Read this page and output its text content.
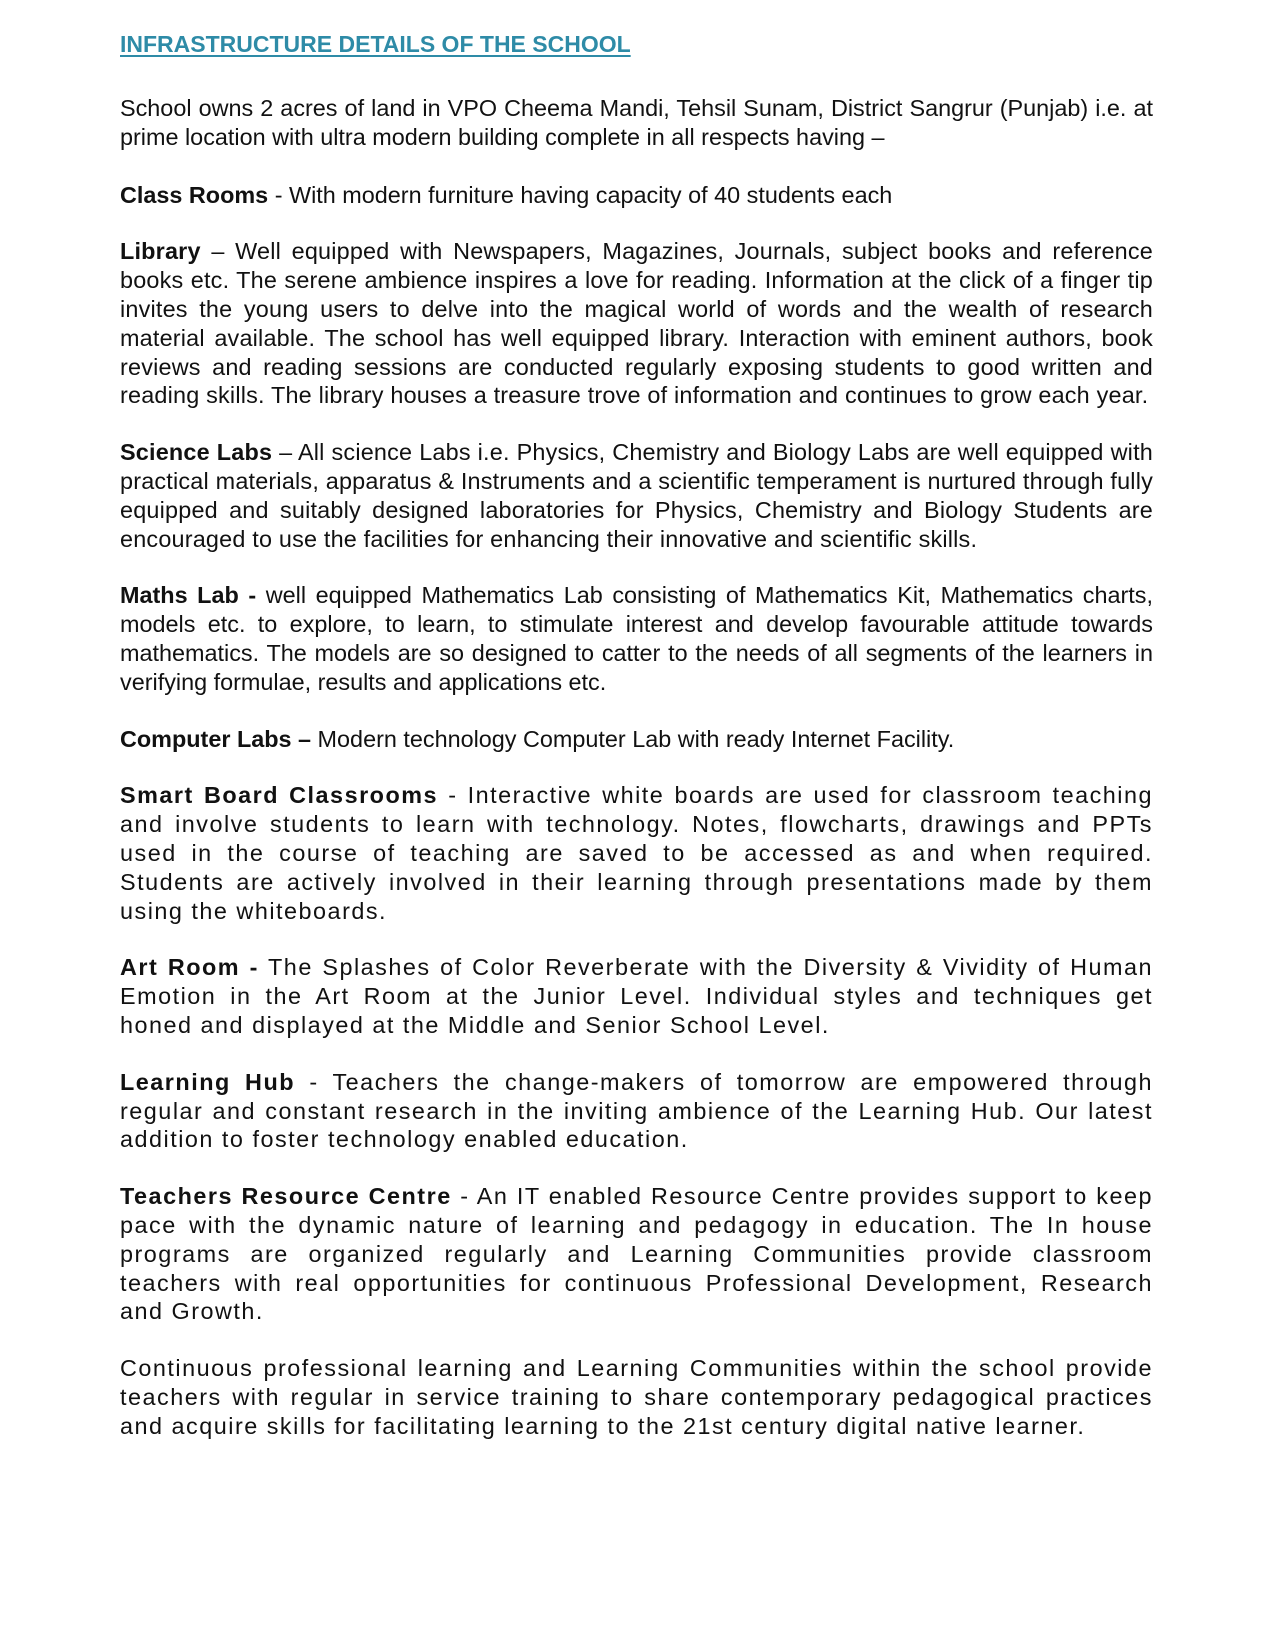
INFRASTRUCTURE DETAILS OF THE SCHOOL

School owns 2 acres of land in VPO Cheema Mandi, Tehsil Sunam, District Sangrur (Punjab) i.e. at prime location with ultra modern building complete in all respects having –

Class Rooms - With modern furniture having capacity of 40 students each

Library – Well equipped with Newspapers, Magazines, Journals, subject books and reference books etc. The serene ambience inspires a love for reading. Information at the click of a finger tip invites the young users to delve into the magical world of words and the wealth of research material available. The school has well equipped library. Interaction with eminent authors, book reviews and reading sessions are conducted regularly exposing students to good written and reading skills. The library houses a treasure trove of information and continues to grow each year.

Science Labs – All science Labs i.e. Physics, Chemistry and Biology Labs are well equipped with practical materials, apparatus & Instruments and a scientific temperament is nurtured through fully equipped and suitably designed laboratories for Physics, Chemistry and Biology Students are encouraged to use the facilities for enhancing their innovative and scientific skills.

Maths Lab - well equipped Mathematics Lab consisting of Mathematics Kit, Mathematics charts, models etc. to explore, to learn, to stimulate interest and develop favourable attitude towards mathematics. The models are so designed to catter to the needs of all segments of the learners in verifying formulae, results and applications etc.

Computer Labs – Modern technology Computer Lab with ready Internet Facility.

Smart Board Classrooms - Interactive white boards are used for classroom teaching and involve students to learn with technology. Notes, flowcharts, drawings and PPTs used in the course of teaching are saved to be accessed as and when required. Students are actively involved in their learning through presentations made by them using the whiteboards.

Art Room - The Splashes of Color Reverberate with the Diversity & Vividity of Human Emotion in the Art Room at the Junior Level. Individual styles and techniques get honed and displayed at the Middle and Senior School Level.

Learning Hub - Teachers the change-makers of tomorrow are empowered through regular and constant research in the inviting ambience of the Learning Hub. Our latest addition to foster technology enabled education.

Teachers Resource Centre - An IT enabled Resource Centre provides support to keep pace with the dynamic nature of learning and pedagogy in education. The In house programs are organized regularly and Learning Communities provide classroom teachers with real opportunities for continuous Professional Development, Research and Growth.

Continuous professional learning and Learning Communities within the school provide teachers with regular in service training to share contemporary pedagogical practices and acquire skills for facilitating learning to the 21st century digital native learner.
